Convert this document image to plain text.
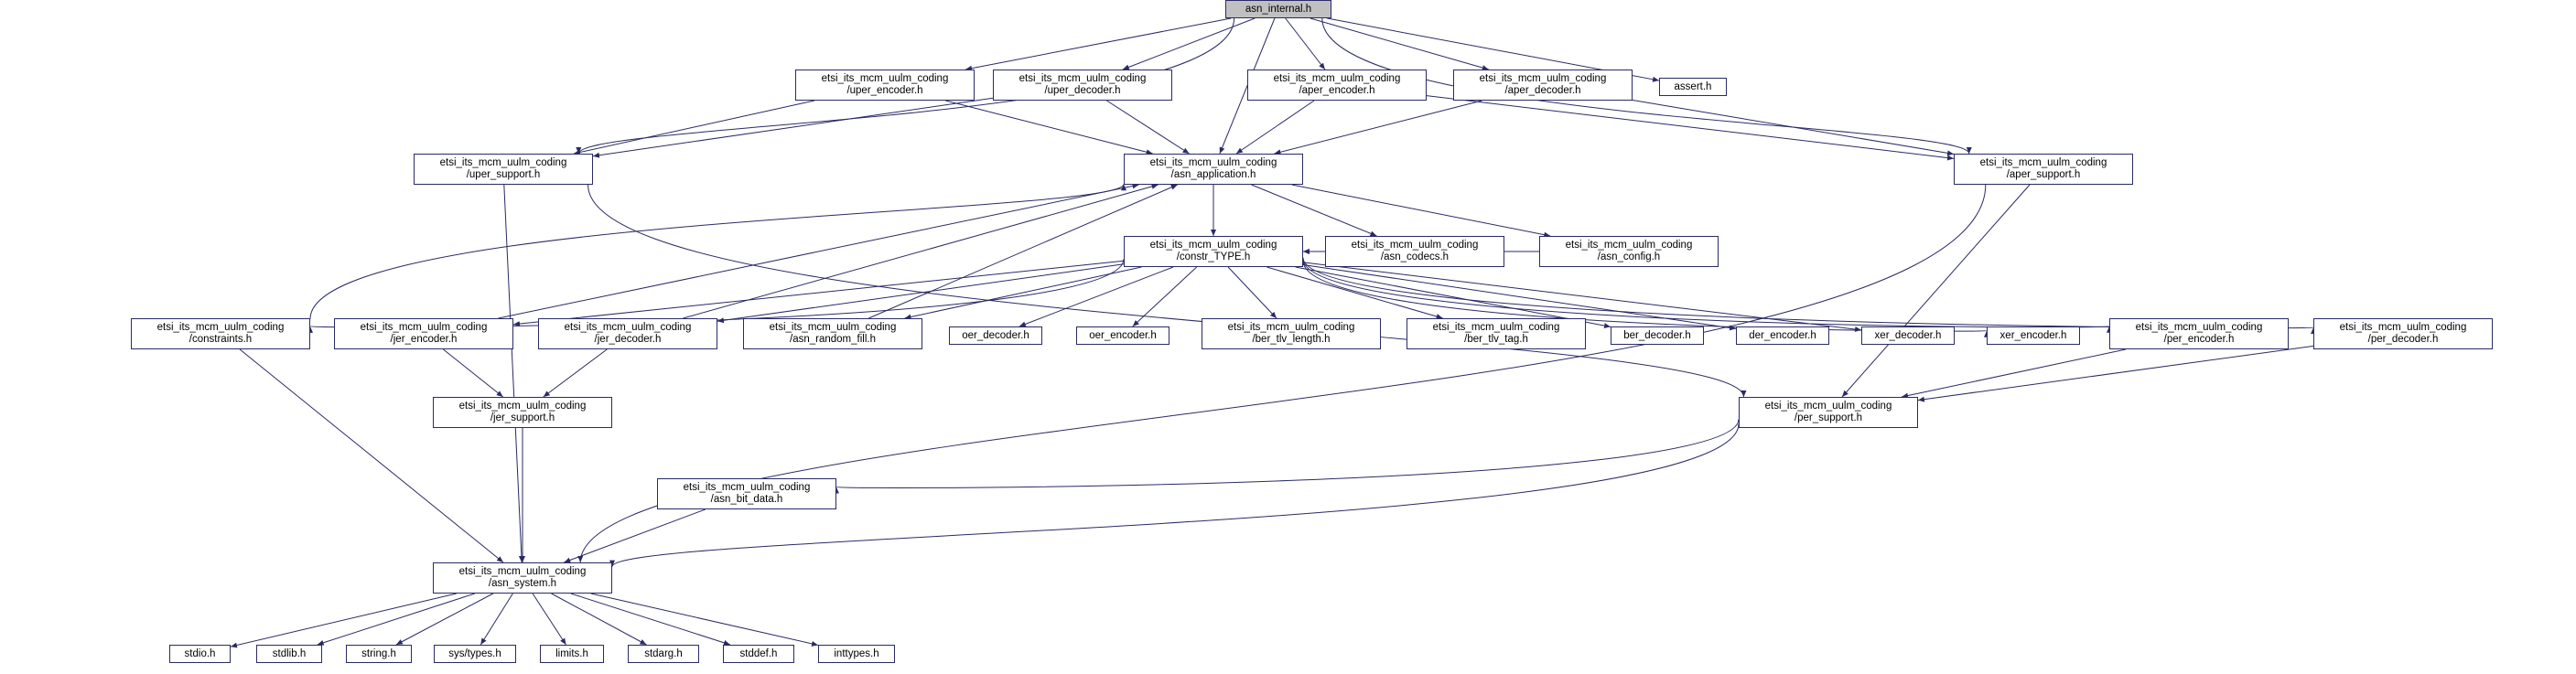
asn_internal.h
etsi_its_mcm_uulm_coding
/uper_encoder.h
etsi_its_mcm_uulm_coding
/uper_decoder.h
etsi_its_mcm_uulm_coding
/aper_encoder.h
etsi_its_mcm_uulm_coding
/aper_decoder.h	assert.h
etsi_its_mcm_uulm_coding
/uper_support.h
etsi_its_mcm_uulm_coding
/asn_application.h
etsi_its_mcm_uulm_coding
/aper_support.h
etsi_its_mcm_uulm_coding
/constr_TYPE.h
etsi_its_mcm_uulm_coding
/asn_codecs.h
etsi_its_mcm_uulm_coding
/asn_config.h
etsi_its_mcm_uulm_coding
/constraints.h
etsi_its_mcm_uulm_coding
/jer_encoder.h
etsi_its_mcm_uulm_coding
/jer_decoder.h
etsi_its_mcm_uulm_coding
/asn_random_fill.h	oer_decoder.h	oer_encoder.h
etsi_its_mcm_uulm_coding
/ber_tlv_length.h
etsi_its_mcm_uulm_coding
/ber_tlv_tag.h	ber_decoder.h	der_encoder.h	xer_decoder.h	xer_encoder.h
etsi_its_mcm_uulm_coding
/per_encoder.h
etsi_its_mcm_uulm_coding
/per_decoder.h
etsi_its_mcm_uulm_coding
/jer_support.h
etsi_its_mcm_uulm_coding
/per_support.h
etsi_its_mcm_uulm_coding
/asn_bit_data.h
etsi_its_mcm_uulm_coding
/asn_system.h
stdio.h	stdlib.h	string.h	sys/types.h	limits.h	stdarg.h	stddef.h	inttypes.h
